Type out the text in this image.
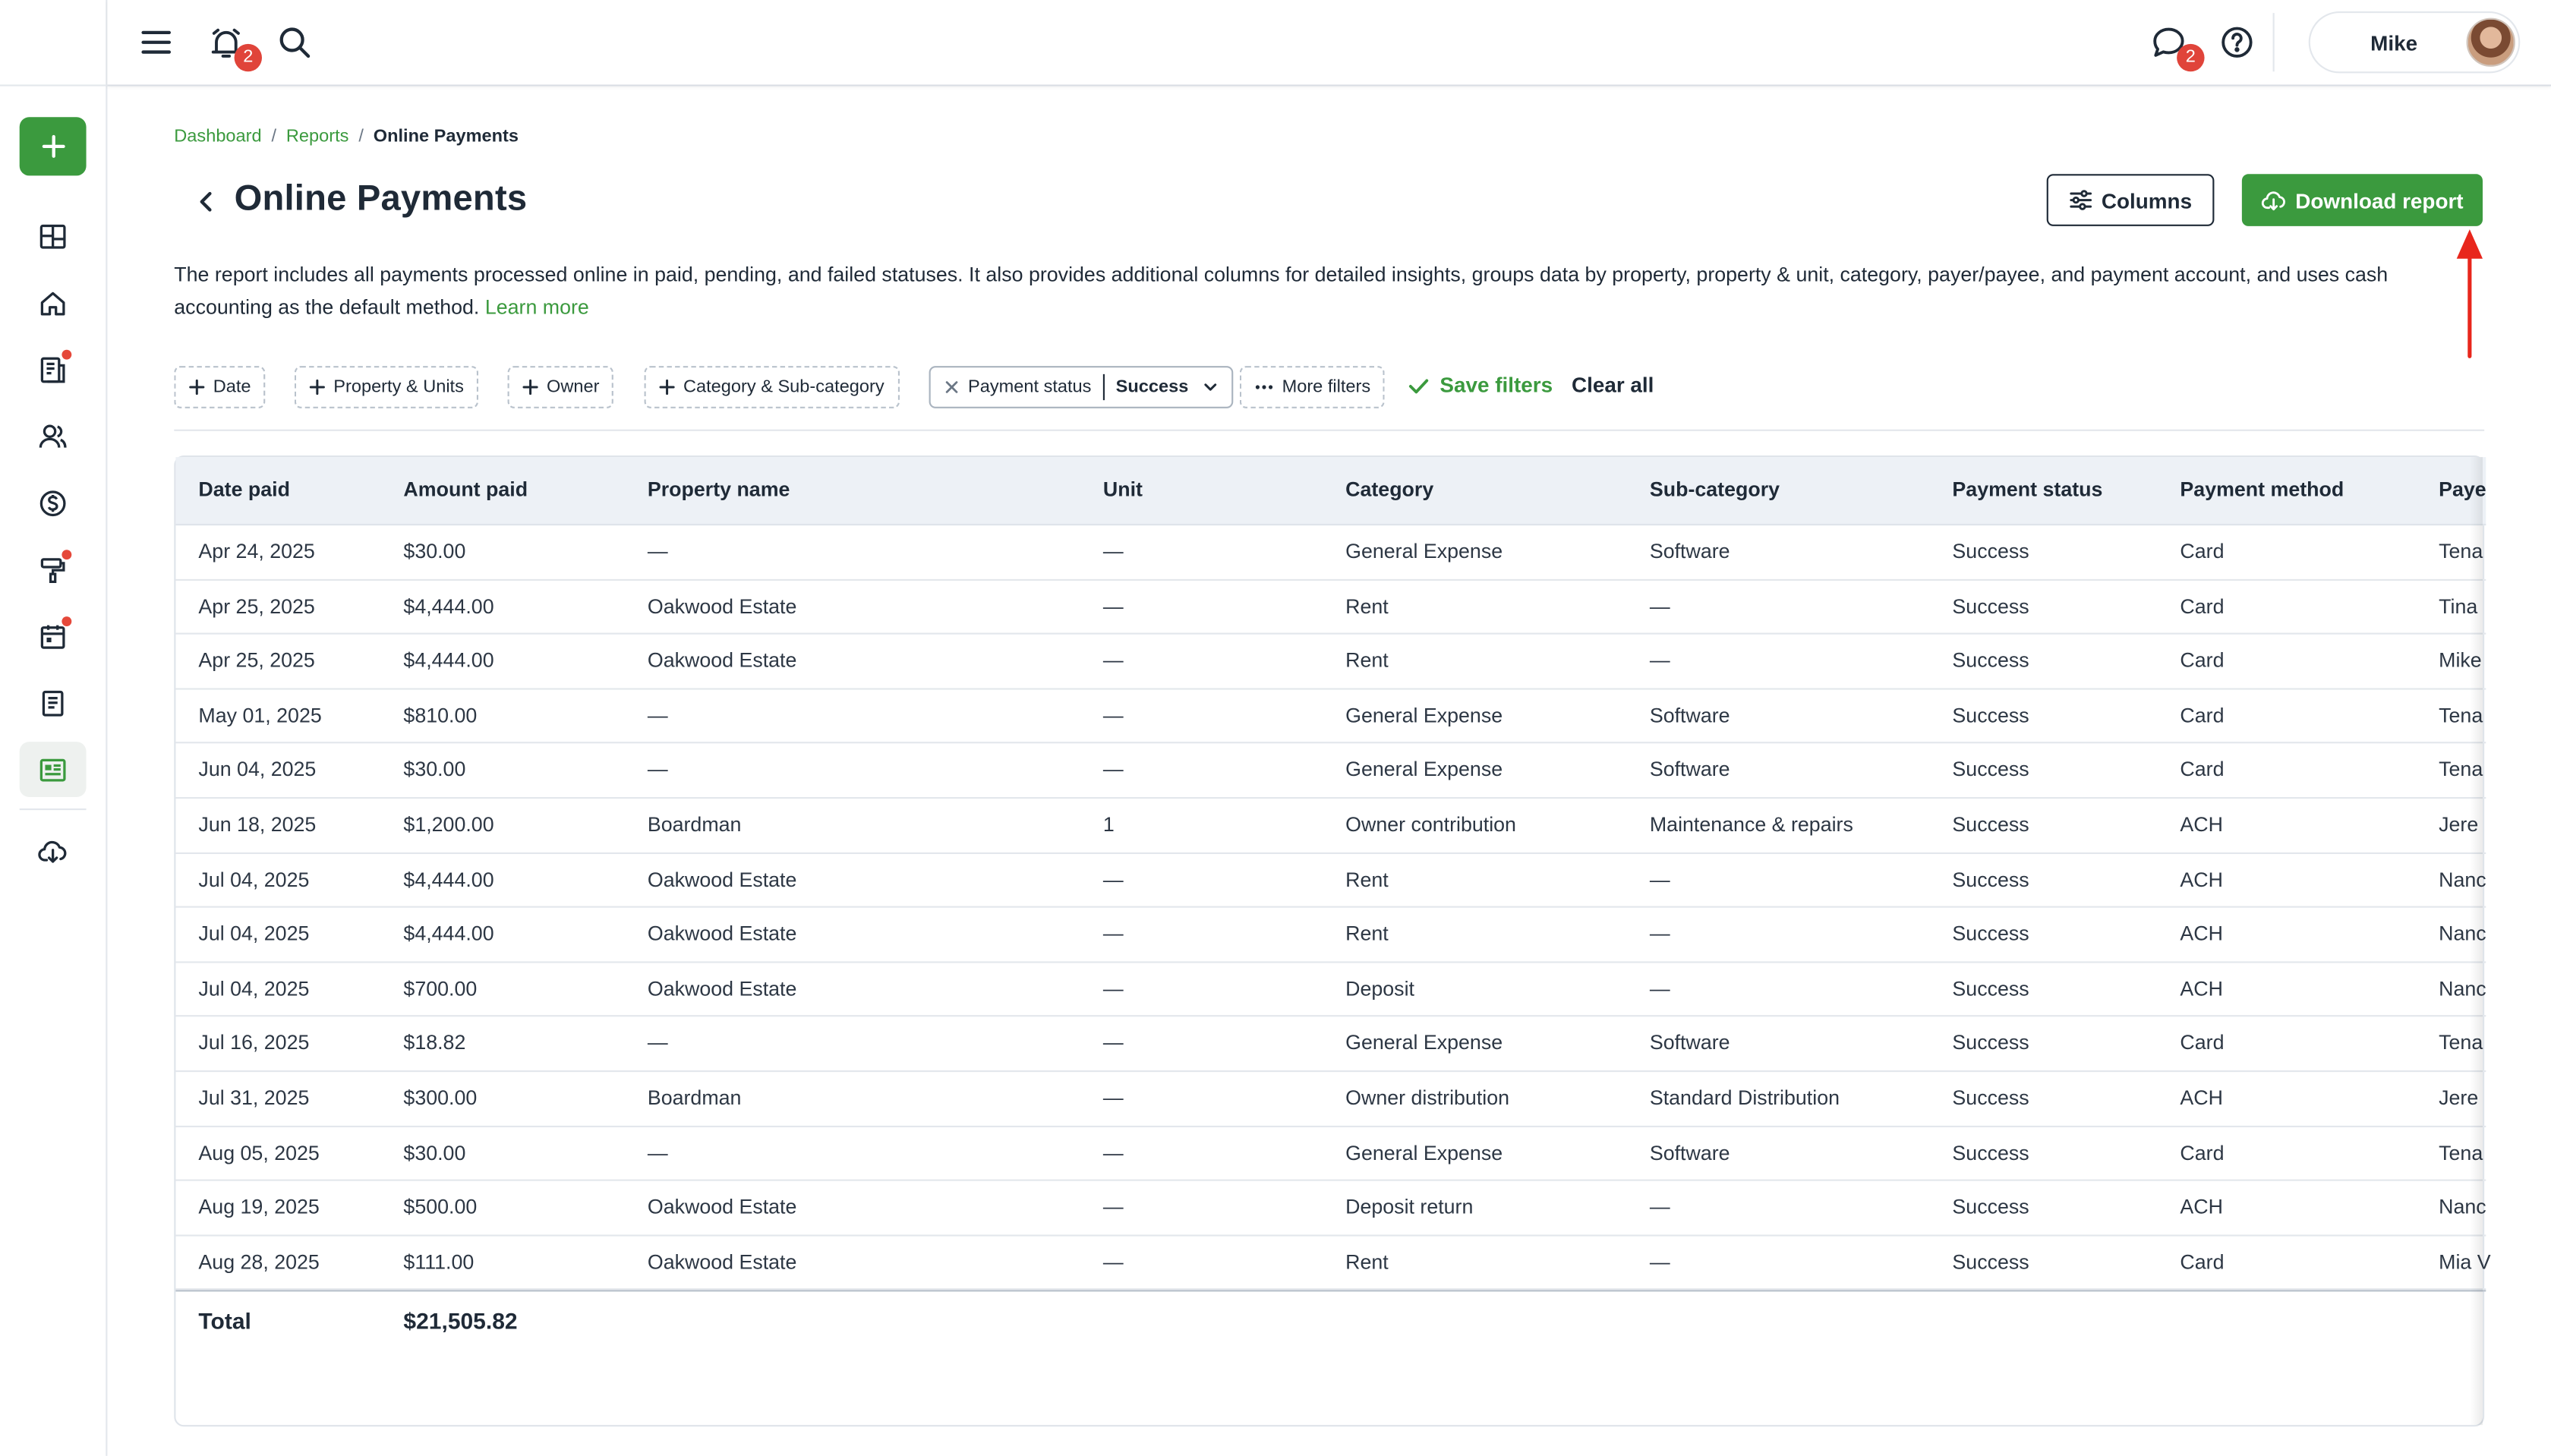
2	2
Mike
Dashboard / Reports / Online Payments
Online Payments	Columns	Download report
The report includes all payments processed online in paid, pending, and failed statuses. It also provides additional columns for detailed insights, groups data by property, property & unit, category, payer/payee, and payment account, and uses cash accounting as the default method. Learn more
Date	Property & Units	Owner	Category & Sub-category	Payment status	Success	More filters	Save filters Clear all
Date paid	Amount paid	Property name	Unit	Category	Sub-category	Payment status	Payment method	Paye
Apr 24, 2025	$30.00	—	—	General Expense	Software	Success	Card	Tena
Apr 25, 2025	$4,444.00	Oakwood Estate	—	Rent	—	Success	Card	Tina
Apr 25, 2025	$4,444.00	Oakwood Estate	—	Rent	—	Success	Card	Mike
May 01, 2025	$810.00	—	—	General Expense	Software	Success	Card	Tena
Jun 04, 2025	$30.00	—	—	General Expense	Software	Success	Card	Tena
Jun 18, 2025	$1,200.00	Boardman	1	Owner contribution	Maintenance & repairs	Success	ACH	Jere
Jul 04, 2025	$4,444.00	Oakwood Estate	—	Rent	—	Success	ACH	Nanc
Jul 04, 2025	$4,444.00	Oakwood Estate	—	Rent	—	Success	ACH	Nanc
Jul 04, 2025	$700.00	Oakwood Estate	—	Deposit	—	Success	ACH	Nanc
Jul 16, 2025	$18.82	—	—	General Expense	Software	Success	Card	Tena
Jul 31, 2025	$300.00	Boardman	—	Owner distribution	Standard Distribution	Success	ACH	Jere
Aug 05, 2025	$30.00	—	—	General Expense	Software	Success	Card	Tena
Aug 19, 2025	$500.00	Oakwood Estate	—	Deposit return	—	Success	ACH	Nanc
Aug 28, 2025	$111.00	Oakwood Estate	—	Rent	—	Success	Card	Mia V
Total	$21,505.82
